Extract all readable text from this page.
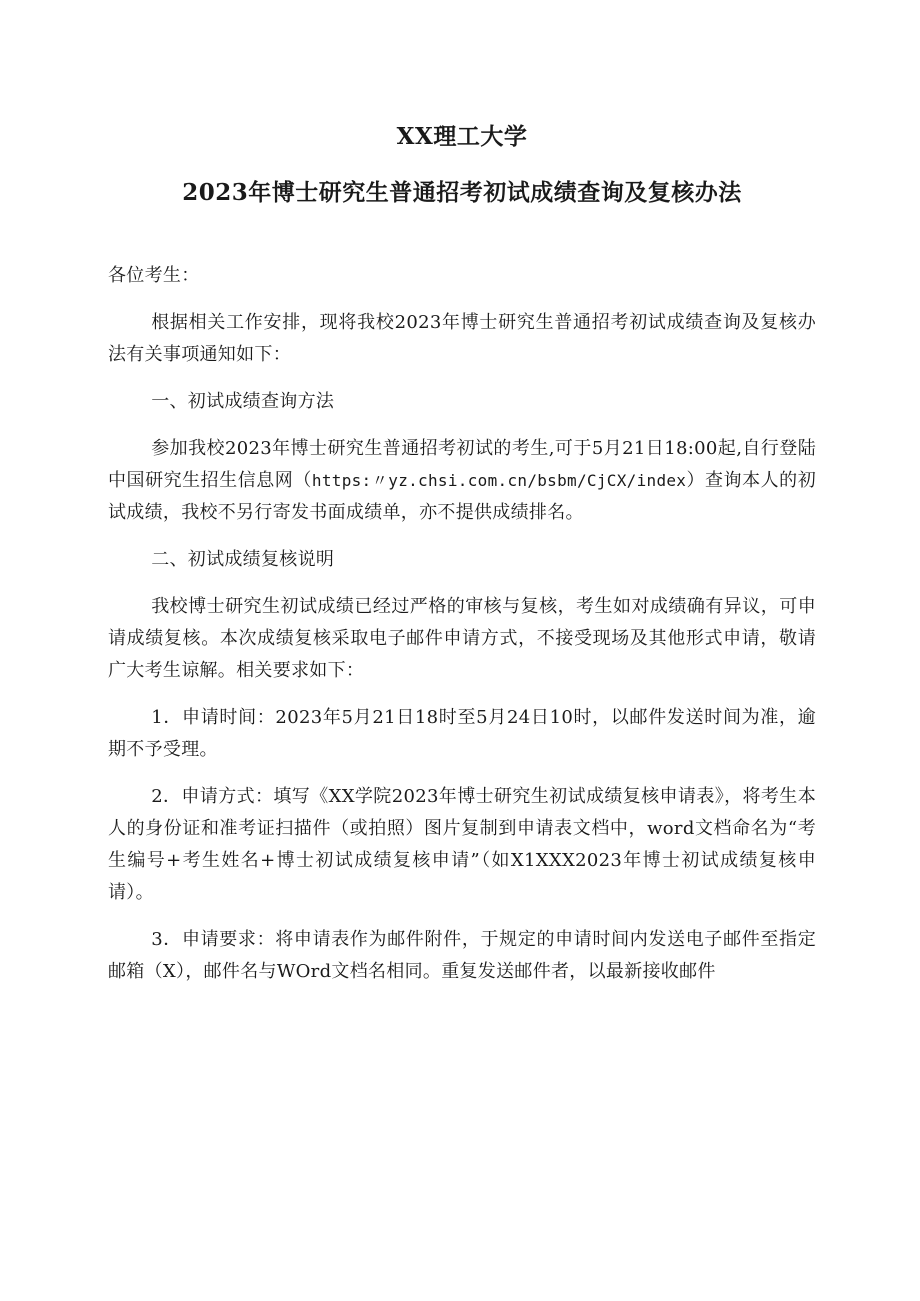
XX理工大学
2023年博士研究生普通招考初试成绩查询及复核办法

各位考生：

根据相关工作安排，现将我校2023年博士研究生普通招考初试成绩查询及复核办法有关事项通知如下：

一、初试成绩查询方法

参加我校2023年博士研究生普通招考初试的考生,可于5月21日18:00起,自行登陆中国研究生招生信息网（https:〃yz.chsi.com.cn/bsbm/CjCX/index）查询本人的初试成绩，我校不另行寄发书面成绩单，亦不提供成绩排名。

二、初试成绩复核说明

我校博士研究生初试成绩已经过严格的审核与复核，考生如对成绩确有异议，可申请成绩复核。本次成绩复核采取电子邮件申请方式，不接受现场及其他形式申请，敬请广大考生谅解。相关要求如下：

1．申请时间：2023年5月21日18时至5月24日10时，以邮件发送时间为准，逾期不予受理。

2．申请方式：填写《XX学院2023年博士研究生初试成绩复核申请表》，将考生本人的身份证和准考证扫描件（或拍照）图片复制到申请表文档中，word文档命名为“考生编号+考生姓名+博士初试成绩复核申请”（如X1XXX2023年博士初试成绩复核申请）。

3．申请要求：将申请表作为邮件附件，于规定的申请时间内发送电子邮件至指定邮箱（X），邮件名与WOrd文档名相同。重复发送邮件者，以最新接收邮件
